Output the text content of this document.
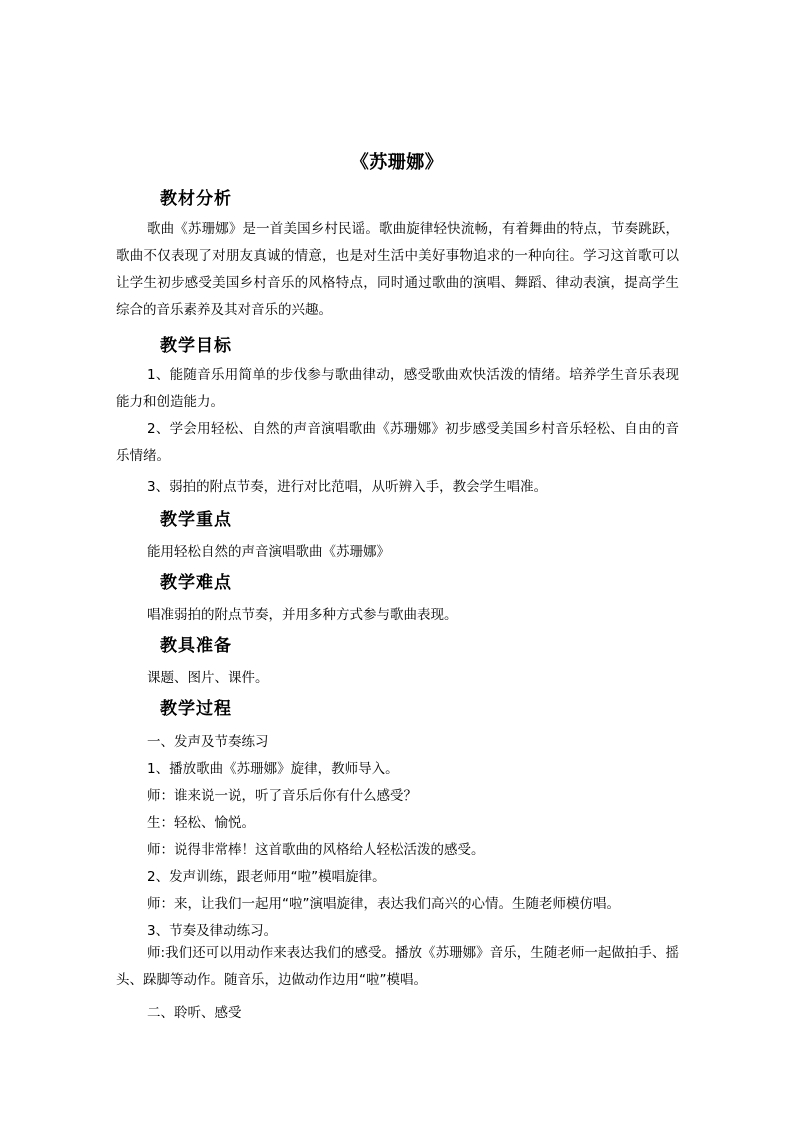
《苏珊娜》
教材分析
歌曲《苏珊娜》是一首美国乡村民谣。歌曲旋律轻快流畅，有着舞曲的特点，节奏跳跃，歌曲不仅表现了对朋友真诚的情意，也是对生活中美好事物追求的一种向往。学习这首歌可以让学生初步感受美国乡村音乐的风格特点，同时通过歌曲的演唱、舞蹈、律动表演，提高学生综合的音乐素养及其对音乐的兴趣。
教学目标
1、能随音乐用简单的步伐参与歌曲律动，感受歌曲欢快活泼的情绪。培养学生音乐表现能力和创造能力。
2、学会用轻松、自然的声音演唱歌曲《苏珊娜》初步感受美国乡村音乐轻松、自由的音乐情绪。
3、弱拍的附点节奏，进行对比范唱，从听辨入手，教会学生唱准。
教学重点
能用轻松自然的声音演唱歌曲《苏珊娜》
教学难点
唱准弱拍的附点节奏，并用多种方式参与歌曲表现。
教具准备
课题、图片、课件。
教学过程
一、发声及节奏练习
1、播放歌曲《苏珊娜》旋律，教师导入。
师：谁来说一说，听了音乐后你有什么感受？
生：轻松、愉悦。
师：说得非常棒！这首歌曲的风格给人轻松活泼的感受。
2、发声训练，跟老师用“啦”模唱旋律。
师：来，让我们一起用“啦”演唱旋律，表达我们高兴的心情。生随老师模仿唱。
3、节奏及律动练习。
师:我们还可以用动作来表达我们的感受。播放《苏珊娜》音乐，生随老师一起做拍手、摇头、跺脚等动作。随音乐，边做动作边用“啦”模唱。
二、聆听、感受
